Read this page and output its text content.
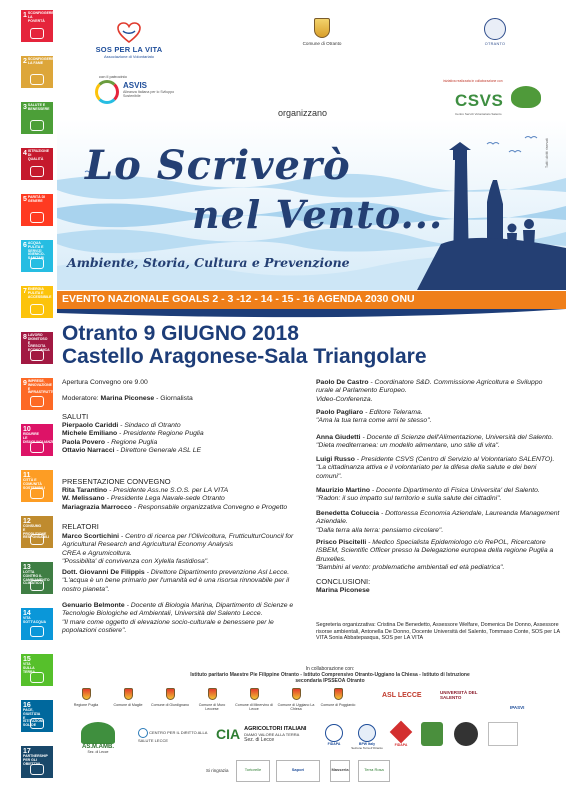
1SCONFIGGERE LA POVERTÀ
2SCONFIGGERE LA FAME
3SALUTE E BENESSERE
4ISTRUZIONE DI QUALITÀ
5PARITÀ DI GENERE
6ACQUA PULITA E SERVIZI IGIENICO-SANITARI
7ENERGIA PULITA E ACCESSIBILE
8LAVORO DIGNITOSO E CRESCITA ECONOMICA
9IMPRESE, INNOVAZIONE E INFRASTRUTTURE
10RIDURRE LE DISUGUAGLIANZE
11CITTÀ E COMUNITÀ SOSTENIBILI
12CONSUMO E PRODUZIONE RESPONSABILI
13LOTTA CONTRO IL CAMBIAMENTO CLIMATICO
14VITA SOTT'ACQUA
15VITA SULLA TERRA
16PACE, GIUSTIZIA E ISTITUZIONI SOLIDE
17PARTNERSHIP PER GLI OBIETTIVI
SOS PER LA VITA
Associazione di Volontariato
con il patrocinio
ASVIS
Alleanza Italiana per lo Sviluppo Sostenibile
Comune di Otranto	OTRANTO
iniziativa realizzata in collaborazione con
CSVS
Centro Servizi Volontariato Salento
organizzano
Lo Scriverò
nel Vento...
Ambiente, Storia, Cultura e Prevenzione
Tutti i diritti riservati
EVENTO NAZIONALE GOALS 2 - 3 -12 - 14 - 15 - 16 AGENDA 2030 ONU
Otranto 9 GIUGNO 2018
Castello Aragonese-Sala Triangolare
Apertura Convegno ore 9.00
Moderatore: Marina Piconese - Giornalista
SALUTI
Pierpaolo Cariddi - Sindaco di Otranto
Michele Emiliano - Presidente Regione Puglia
Paola Povero - Regione Puglia
Ottavio Narracci - Direttore Generale ASL LE
PRESENTAZIONE CONVEGNO
Rita Tarantino - Presidente Ass.ne S.O.S. per LA VITA
W. Melissano - Presidente Lega Navale-sede Otranto
Mariagrazia Marrocco - Responsabile organizzativa Convegno e Progetto
RELATORI
Marco Scortichini - Centro di ricerca per l'Olivicoltura, FrutticulturCouncil for Agricultural Research and Agricultural Economy Analysis
CREA e Agrumicoltura.
"Possibilita' di convivenza con Xylella fastidiosa".
Dott. Giovanni De Filippis - Direttore Dipartimento prevenzione Asl Lecce.
"L'acqua è un bene primario per l'umanità ed è una risorsa rinnovabile per il nostro pianeta".
Genuario Belmonte - Docente di Biologia Marina, Dipartimento di Scienze e Tecnologie Biologiche ed Ambientali, Università del Salento Lecce.
"Il mare come oggetto di elevazione socio-culturale e benessere per le popolazioni costiere".
Paolo De Castro - Coordinatore S&D. Commissione Agricoltura e Sviluppo rurale al Parlamento Europeo.
Video-Conferenza.
Paolo Pagliaro - Editore Telerama.
"Ama la tua terra come ami te stesso".
Anna Giudetti - Docente di Scienze dell'Alimentazione, Università del Salento.
"Dieta mediterranea: un modello alimentare, uno stile di vita".
Luigi Russo - Presidente CSVS (Centro di Servizio al Volontariato SALENTO).
"La cittadinanza attiva e il volontariato per la difesa della salute e dei beni comuni".
Maurizio Martino - Docente Dipartimento di Fisica Universita' del Salento.
"Radon: il suo impatto sul territorio e sulla salute dei cittadini".
Benedetta Coluccia - Dottoressa Economia Aziendale, Laureanda Management Aziendale.
"Dalla terra alla terra: pensiamo circolare".
Prisco Piscitelli - Medico Specialista Epidemiologo c/o RePOL, Ricercatore ISBEM, Scientific Officer presso la Delegazione europea della regione Puglia a Bruxelles.
"Bambini al vento: problematiche ambientali ed età pediatrica".
CONCLUSIONI:
Marina Piconese
Segreteria organizzativa: Cristina De Benedetto, Assessore Welfare, Domenica De Donno, Assessore risorse ambientali, Antonella De Donno, Docente Università del Salento, Tommaso Conte, SOS per LA VITA Sonia Abbatepasqua, SOS per LA VITA
In collaborazione con:
Istituto paritario Maestre Pie Filippine Otranto - Istituto Comprensivo Otranto-Uggiano la Chiesa - Istituto di Istruzione secondaria IPSSEOA Otranto
Regione Puglia	Comune di Maglie	Comune di Giurdignano	Comune di Muro Leccese
Comune di Minervino di Lecce
Comune di Uggiano La Chiesa
Comune di Poggiardo
ASL LECCE	UNIVERSITÀ DEL SALENTO
IPASVI
AS.M.AMB.
Sez. di Lecce
CENTRO PER IL DIRITTO ALLA SALUTE LECCE	CIA AGRICOLTORI ITALIANI
DIAMO VALORE ALLA TERRA
Sez. di Lecce
FIDAPA	BPW Italy
Sezione Terra d'Otranto
FIDAPA
Si ringrazia	Tortorelle	Sapori	Masseria	Terra Rosa
